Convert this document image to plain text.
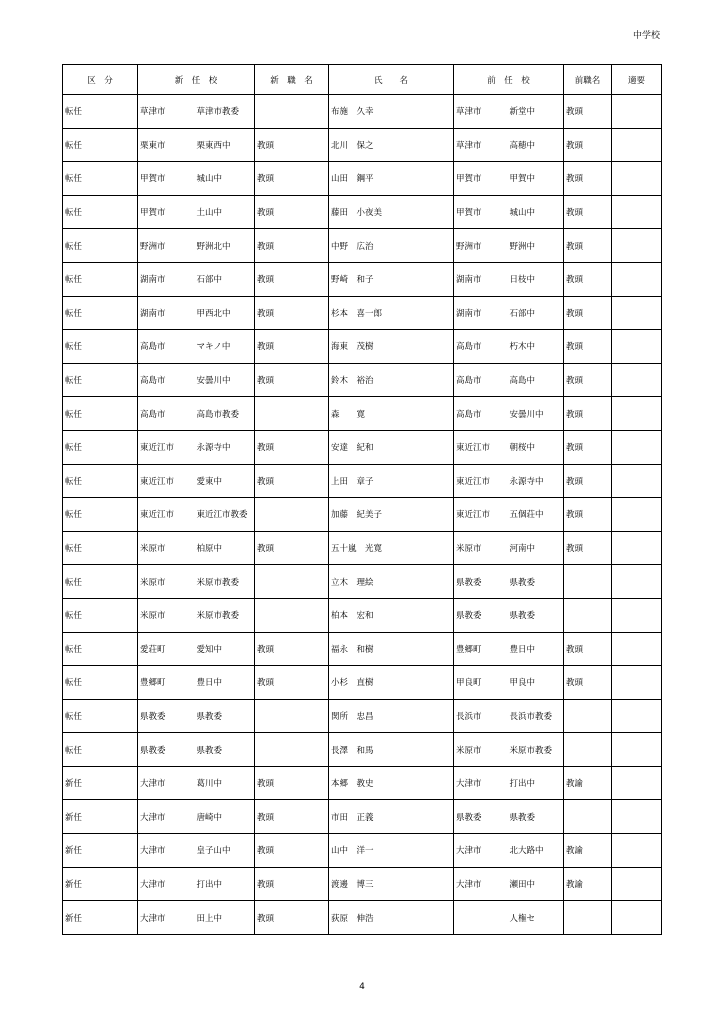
中学校
区　分	新　任　校		新　職　名	氏　　名	前　任　校		前職名	適要
転任	草津市	草津市教委		布施　久幸	草津市	新堂中	教頭	
転任	栗東市	栗東西中	教頭	北川　保之	草津市	高穂中	教頭	
転任	甲賀市	城山中	教頭	山田　鋼平	甲賀市	甲賀中	教頭	
転任	甲賀市	土山中	教頭	藤田　小夜美	甲賀市	城山中	教頭	
転任	野洲市	野洲北中	教頭	中野　広治	野洲市	野洲中	教頭	
転任	湖南市	石部中	教頭	野崎　和子	湖南市	日枝中	教頭	
転任	湖南市	甲西北中	教頭	杉本　喜一郎	湖南市	石部中	教頭	
転任	高島市	マキノ中	教頭	海東　茂樹	高島市	朽木中	教頭	
転任	高島市	安曇川中	教頭	鈴木　裕治	高島市	高島中	教頭	
転任	高島市	高島市教委		森　　寛	高島市	安曇川中	教頭	
転任	東近江市	永源寺中	教頭	安達　紀和	東近江市	朝桜中	教頭	
転任	東近江市	愛東中	教頭	上田　章子	東近江市	永源寺中	教頭	
転任	東近江市	東近江市教委		加藤　紀美子	東近江市	五個荘中	教頭	
転任	米原市	柏原中	教頭	五十嵐　光寛	米原市	河南中	教頭	
転任	米原市	米原市教委		立木　理絵	県教委	県教委		
転任	米原市	米原市教委		柏本　宏和	県教委	県教委		
転任	愛荘町	愛知中	教頭	福永　和樹	豊郷町	豊日中	教頭	
転任	豊郷町	豊日中	教頭	小杉　直樹	甲良町	甲良中	教頭	
転任	県教委	県教委		関所　忠昌	長浜市	長浜市教委		
転任	県教委	県教委		長澤　和馬	米原市	米原市教委		
新任	大津市	葛川中	教頭	本郷　教史	大津市	打出中	教諭	
新任	大津市	唐崎中	教頭	市田　正義	県教委	県教委		
新任	大津市	皇子山中	教頭	山中　洋一	大津市	北大路中	教諭	
新任	大津市	打出中	教頭	渡邊　博三	大津市	瀬田中	教諭	
新任	大津市	田上中	教頭	荻原　伸浩		人権セ		
4
